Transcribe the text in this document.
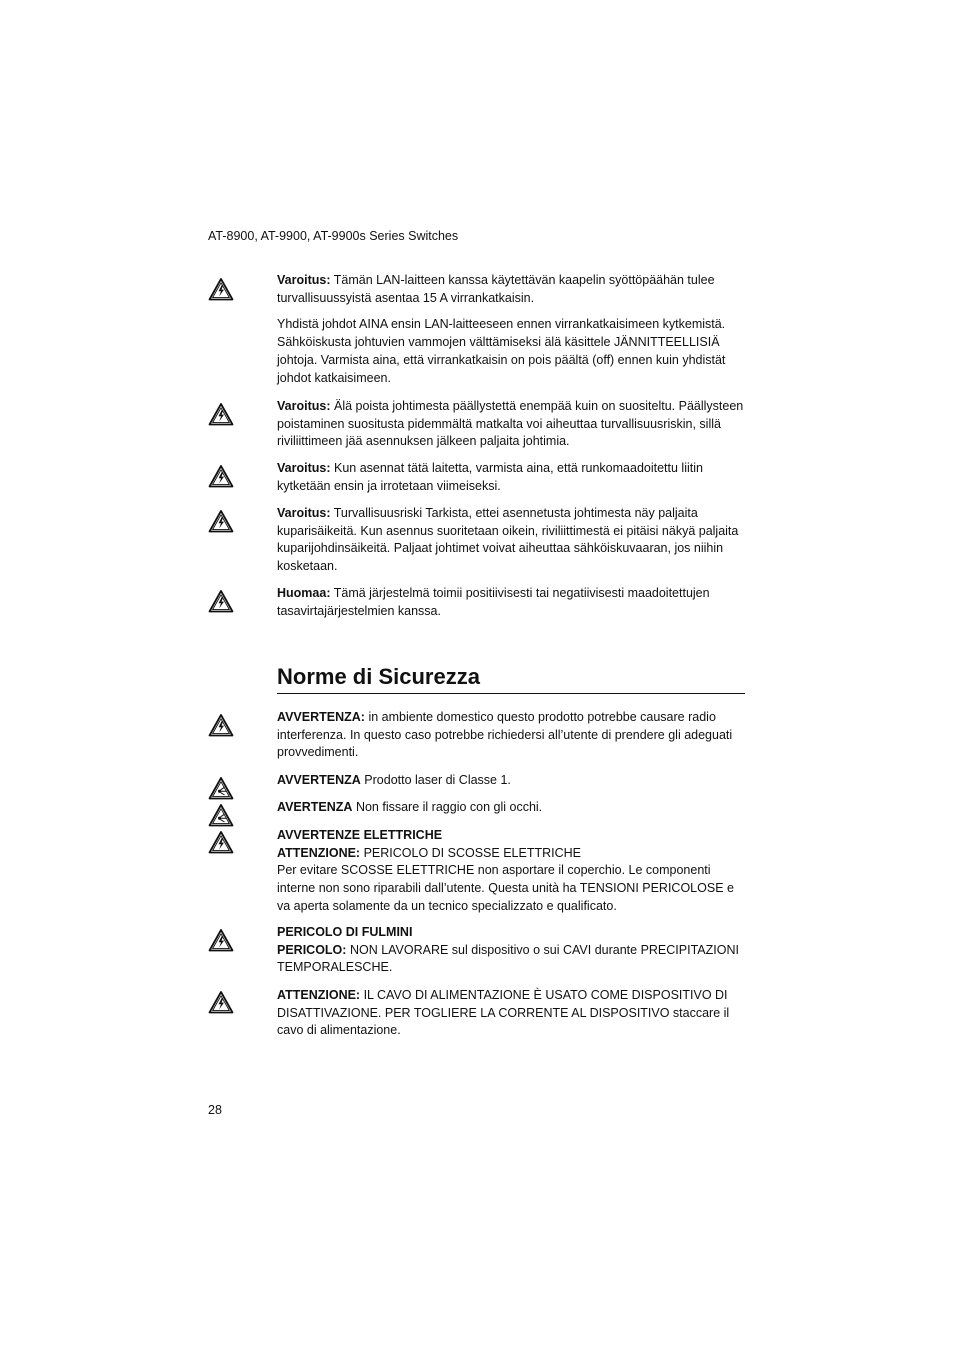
AT-8900, AT-9900, AT-9900s Series Switches

Varoitus: Tämän LAN-laitteen kanssa käytettävän kaapelin syöttöpäähän tulee turvallisuussyistä asentaa 15 A virrankatkaisin.

Yhdistä johdot AINA ensin LAN-laitteeseen ennen virrankatkaisimeen kytkemistä. Sähköiskusta johtuvien vammojen välttämiseksi älä käsittele JÄNNITTEELLISIÄ johtoja. Varmista aina, että virrankatkaisin on pois päältä (off) ennen kuin yhdistät johdot katkaisimeen.

Varoitus: Älä poista johtimesta päällystettä enempää kuin on suositeltu. Päällysteen poistaminen suositusta pidemmältä matkalta voi aiheuttaa turvallisuusriskin, sillä riviliittimeen jää asennuksen jälkeen paljaita johtimia.

Varoitus: Kun asennat tätä laitetta, varmista aina, että runkomaadoitettu liitin kytketään ensin ja irrotetaan viimeiseksi.

Varoitus: Turvallisuusriski Tarkista, ettei asennetusta johtimesta näy paljaita kuparisäikeitä. Kun asennus suoritetaan oikein, riviliittimestä ei pitäisi näkyä paljaita kuparijohdinsäikeitä. Paljaat johtimet voivat aiheuttaa sähköiskuvaaran, jos niihin kosketaan.

Huomaa: Tämä järjestelmä toimii positiivisesti tai negatiivisesti maadoitettujen tasavirtajärjestelmien kanssa.

Norme di Sicurezza

AVVERTENZA: in ambiente domestico questo prodotto potrebbe causare radio interferenza. In questo caso potrebbe richiedersi all’utente di prendere gli adeguati provvedimenti.

AVVERTENZA Prodotto laser di Classe 1.

AVERTENZA Non fissare il raggio con gli occhi.

AVVERTENZE ELETTRICHE

ATTENZIONE: PERICOLO DI SCOSSE ELETTRICHE

Per evitare SCOSSE ELETTRICHE non asportare il coperchio. Le componenti interne non sono riparabili dall’utente. Questa unità ha TENSIONI PERICOLOSE e va aperta solamente da un tecnico specializzato e qualificato.

PERICOLO DI FULMINI

PERICOLO: NON LAVORARE sul dispositivo o sui CAVI durante PRECIPITAZIONI TEMPORALESCHE.

ATTENZIONE: IL CAVO DI ALIMENTAZIONE È USATO COME DISPOSITIVO DI DISATTIVAZIONE. PER TOGLIERE LA CORRENTE AL DISPOSITIVO staccare il cavo di alimentazione.

28
